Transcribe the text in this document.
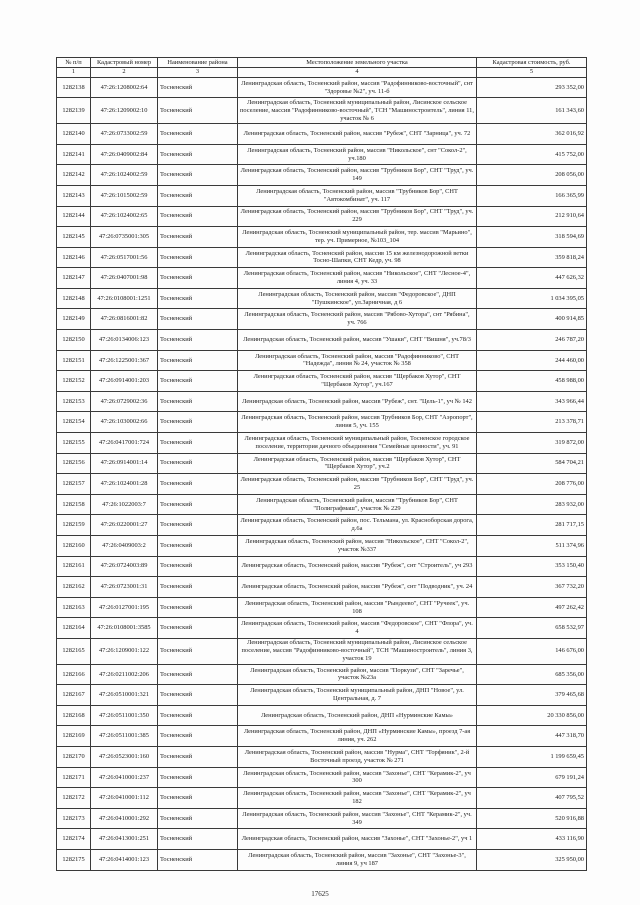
№ п/п	Кадастровый номер	Наименование района	Местоположение земельного участка	Кадастровая стоимость, руб.
1	2	3	4	5
1282138	47:26:1208002:64	Тосненский	Ленинградская область, Тосненский район, массив "Радофинниково-восточный", снт "Здоровье №2", уч. 11-б	293 352,00
1282139	47:26:1209002:10	Тосненский	Ленинградская область, Тосненский муниципальный район, Лисинское сельское поселение, массив "Радофинниково-восточный", ТСН "Машиностроитель", линия 11, участок № 6	161 343,60
1282140	47:26:0733002:59	Тосненский	Ленинградская область, Тосненский район, массив "Рубеж", СНТ "Зарница", уч. 72	362 016,92
1282141	47:26:0409002:84	Тосненский	Ленинградская область, Тосненский район, массив "Никольское", снт "Сокол-2", уч.180	415 752,00
1282142	47:26:1024002:59	Тосненский	Ленинградская область, Тосненский район, массив "Трубников Бор", СНТ "Труд", уч. 149	208 056,00
1282143	47:26:1015002:59	Тосненский	Ленинградская область, Тосненский район, массив "Трубников Бор", СНТ "Автокомбинат", уч. 117	166 365,99
1282144	47:26:1024002:65	Тосненский	Ленинградская область, Тосненский район, массив "Трубников Бор", СНТ "Труд", уч. 229	212 910,64
1282145	47:26:0735001:305	Тосненский	Ленинградская область, Тосненский муниципальный район, тер. массив "Марьино", тер. уч. Примерное, №103_104	318 594,69
1282146	47:26:0517001:56	Тосненский	Ленинградская область, Тосненский район, массив 15 км железнодорожной ветки Тосно-Шапки, СНТ Кедр, уч. 98	359 818,24
1282147	47:26:0407001:98	Тосненский	Ленинградская область, Тосненский район, массив "Никольское", СНТ "Лесное-4", линия 4, уч. 33	447 626,32
1282148	47:26:0108001:1251	Тосненский	Ленинградская область, Тосненский район, массив "Федоровское", ДНП "Пушкинское", ул.Зарничная, д 6	1 034 395,05
1282149	47:26:0816001:82	Тосненский	Ленинградская область, Тосненский район, массив "Рябово-Хутора", снт "Рябина", уч. 766	400 914,85
1282150	47:26:0134006:123	Тосненский	Ленинградская область, Тосненский район, массив "Ушаки", СНТ "Вишня", уч.78/3	246 787,20
1282151	47:26:1225001:367	Тосненский	Ленинградская область, Тосненский район, массив "Радофинниково", СНТ "Надежда", линия № 24, участок № 358	244 460,00
1282152	47:26:0914001:203	Тосненский	Ленинградская область, Тосненский район, массив "Щербаков Хутор", СНТ "Щербаков Хутор", уч.167	458 988,00
1282153	47:26:0729002:36	Тосненский	Ленинградская область, Тосненский район, массив "Рубеж", снт. "Цель-1", уч № 142	343 966,44
1282154	47:26:1030002:66	Тосненский	Ленинградская область, Тосненский район, массив Трубников Бор, СНТ "Аэропорт", линия 5, уч. 155	213 378,71
1282155	47:26:0417001:724	Тосненский	Ленинградская область, Тосненский муниципальный район, Тосненское городское поселение, территория дачного объединения "Семейные ценности", уч. 91	319 872,00
1282156	47:26:0914001:14	Тосненский	Ленинградская область, Тосненский район, массив "Щербаков Хутор", СНТ "Щербаков Хутор", уч.2	584 704,21
1282157	47:26:1024001:28	Тосненский	Ленинградская область, Тосненский район, массив "Трубников Бор", СНТ "Труд", уч. 25	208 776,00
1282158	47:26:1022003:7	Тосненский	Ленинградская область, Тосненский район, массив "Трубников Бор", СНТ "Полиграфмаш", участок № 229	283 932,00
1282159	47:26:0220001:27	Тосненский	Ленинградская область, Тосненский район, пос. Тельмана, ул. Красноборская дорога, д.6а	281 717,15
1282160	47:26:0409003:2	Тосненский	Ленинградская область, Тосненский район, массив "Никольское", СНТ "Сокол-2", участок №337	511 374,96
1282161	47:26:0724003:89	Тосненский	Ленинградская область, Тосненский район, массив "Рубеж", снт "Строитель", уч 293	353 150,40
1282162	47:26:0723001:31	Тосненский	Ленинградская область, Тосненский район, массив "Рубеж", снт "Подводник", уч. 24	367 732,20
1282163	47:26:0127001:195	Тосненский	Ленинградская область, Тосненский район, массив "Рындеево", СНТ "Ручеек", уч. 108	497 262,42
1282164	47:26:0108001:3585	Тосненский	Ленинградская область, Тосненский район, массив "Федоровское", СНТ "Флора", уч. 4	658 532,97
1282165	47:26:1209001:122	Тосненский	Ленинградская область, Тосненский муниципальный район, Лисинское сельское поселение, массив "Радофинниково-восточный", ТСН "Машиностроитель", линия 3, участок 19	146 676,00
1282166	47:26:0211002:206	Тосненский	Ленинградская область, Тосненский район, массив "Поркузи", СНТ "Заречье", участок №23а	685 356,00
1282167	47:26:0510001:321	Тосненский	Ленинградская область, Тосненский муниципальный район, ДНП "Новое", ул. Центральная, д. 7	379 465,68
1282168	47:26:0511001:350	Тосненский	Ленинградская область, Тосненский район, ДНП «Нурминские Камы»	20 330 856,00
1282169	47:26:0511001:385	Тосненский	Ленинградская область, Тосненский район, ДНП «Нурминские Камы», проезд 7-ая линия, уч. 262	447 318,70
1282170	47:26:0523001:160	Тосненский	Ленинградская область, Тосненский район, массив "Нурма", СНТ "Торфяник", 2-й Восточный проезд, участок № 271	1 199 659,45
1282171	47:26:0410001:237	Тосненский	Ленинградская область, Тосненский район, массив "Захонье", СНТ "Керамик-2", уч 300	679 191,24
1282172	47:26:0410001:112	Тосненский	Ленинградская область, Тосненский район, массив "Захонье", СНТ "Керамик-2", уч 182	407 795,52
1282173	47:26:0410001:292	Тосненский	Ленинградская область, Тосненский район, массив "Захонье", СНТ "Керамик-2", уч. 349	520 916,88
1282174	47:26:0413001:251	Тосненский	Ленинградская область, Тосненский район, массив "Захонье", СНТ "Захонье-2", уч 1	433 116,90
1282175	47:26:0414001:123	Тосненский	Ленинградская область, Тосненский район, массив "Захонье", СНТ "Захонье-3", линия 9, уч 187	325 950,00
17625
